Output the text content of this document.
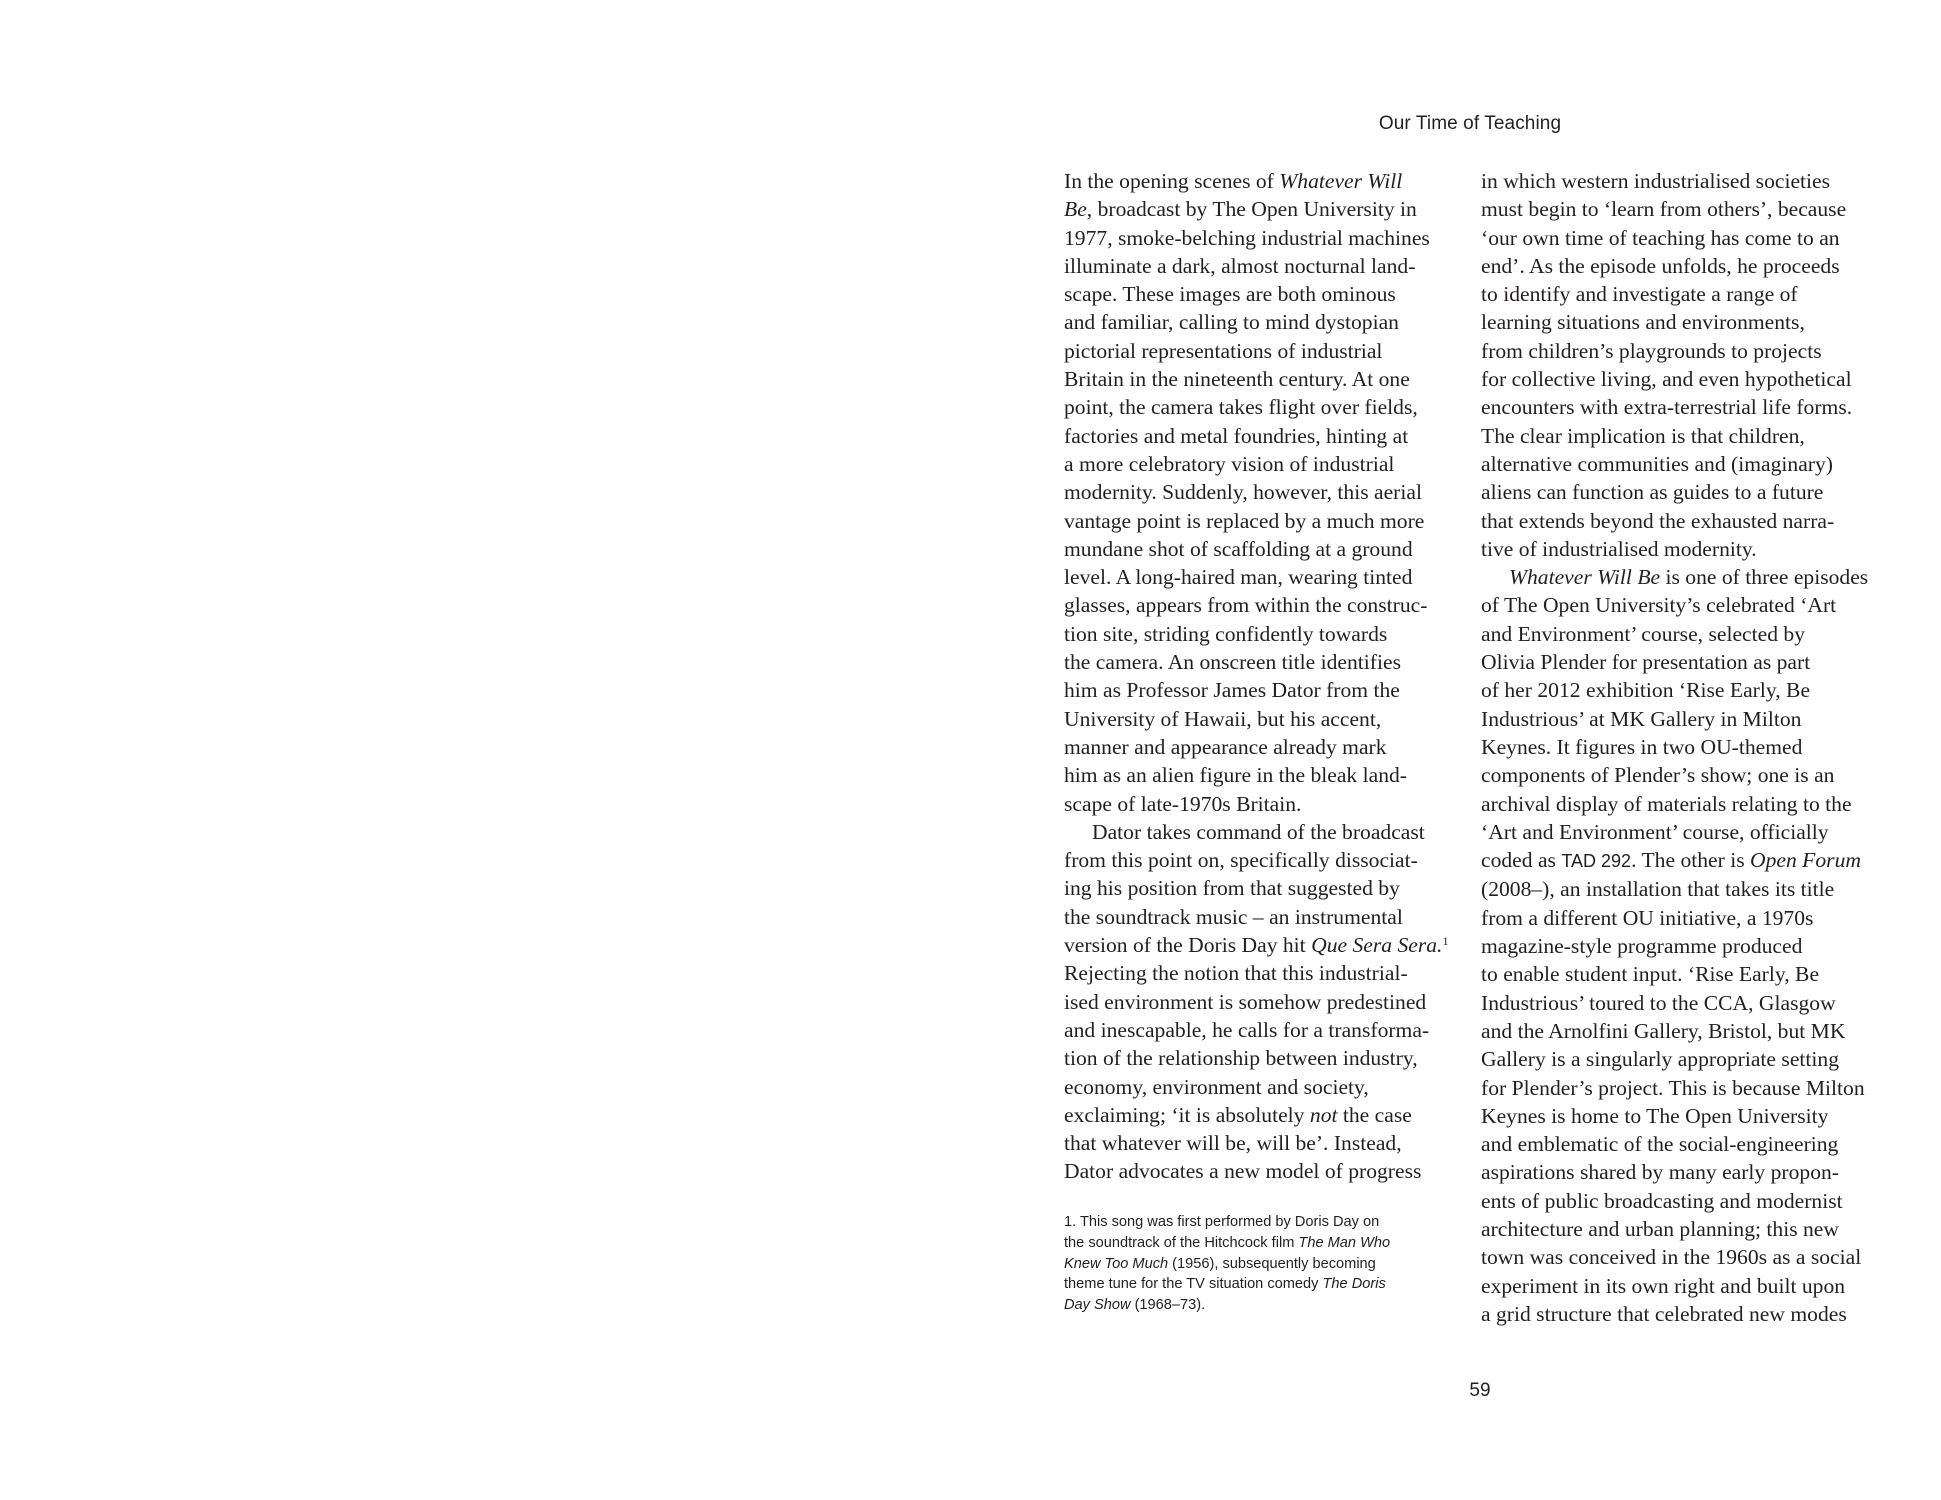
Our Time of Teaching
In the opening scenes of Whatever Will
Be, broadcast by The Open University in
1977, smoke-belching industrial machines
illuminate a dark, almost nocturnal land-
scape. These images are both ominous
and familiar, calling to mind dystopian
pictorial representations of industrial
Britain in the nineteenth century. At one
point, the camera takes flight over fields,
factories and metal foundries, hinting at
a more celebratory vision of industrial
modernity. Suddenly, however, this aerial
vantage point is replaced by a much more
mundane shot of scaffolding at a ground
level. A long-haired man, wearing tinted
glasses, appears from within the construc-
tion site, striding confidently towards
the camera. An onscreen title identifies
him as Professor James Dator from the
University of Hawaii, but his accent,
manner and appearance already mark
him as an alien figure in the bleak land-
scape of late-1970s Britain.
Dator takes command of the broadcast
from this point on, specifically dissociat-
ing his position from that suggested by
the soundtrack music – an instrumental
version of the Doris Day hit Que Sera Sera.$^1$
Rejecting the notion that this industrial-
ised environment is somehow predestined
and inescapable, he calls for a transforma-
tion of the relationship between industry,
economy, environment and society,
exclaiming; ‘it is absolutely not the case
that whatever will be, will be’. Instead,
Dator advocates a new model of progress
in which western industrialised societies
must begin to ‘learn from others’, because
‘our own time of teaching has come to an
end’. As the episode unfolds, he proceeds
to identify and investigate a range of
learning situations and environments,
from children’s playgrounds to projects
for collective living, and even hypothetical
encounters with extra-terrestrial life forms.
The clear implication is that children,
alternative communities and (imaginary)
aliens can function as guides to a future
that extends beyond the exhausted narra-
tive of industrialised modernity.
Whatever Will Be is one of three episodes
of The Open University’s celebrated ‘Art
and Environment’ course, selected by
Olivia Plender for presentation as part
of her 2012 exhibition ‘Rise Early, Be
Industrious’ at MK Gallery in Milton
Keynes. It figures in two OU-themed
components of Plender’s show; one is an
archival display of materials relating to the
‘Art and Environment’ course, officially
coded as TAD 292. The other is Open Forum
(2008–), an installation that takes its title
from a different OU initiative, a 1970s
magazine-style programme produced
to enable student input. ‘Rise Early, Be
Industrious’ toured to the CCA, Glasgow
and the Arnolfini Gallery, Bristol, but MK
Gallery is a singularly appropriate setting
for Plender’s project. This is because Milton
Keynes is home to The Open University
and emblematic of the social-engineering
aspirations shared by many early propon-
ents of public broadcasting and modernist
architecture and urban planning; this new
town was conceived in the 1960s as a social
experiment in its own right and built upon
a grid structure that celebrated new modes
1. This song was first performed by Doris Day on
the soundtrack of the Hitchcock film The Man Who
Knew Too Much (1956), subsequently becoming
theme tune for the TV situation comedy The Doris
Day Show (1968–73).
59
